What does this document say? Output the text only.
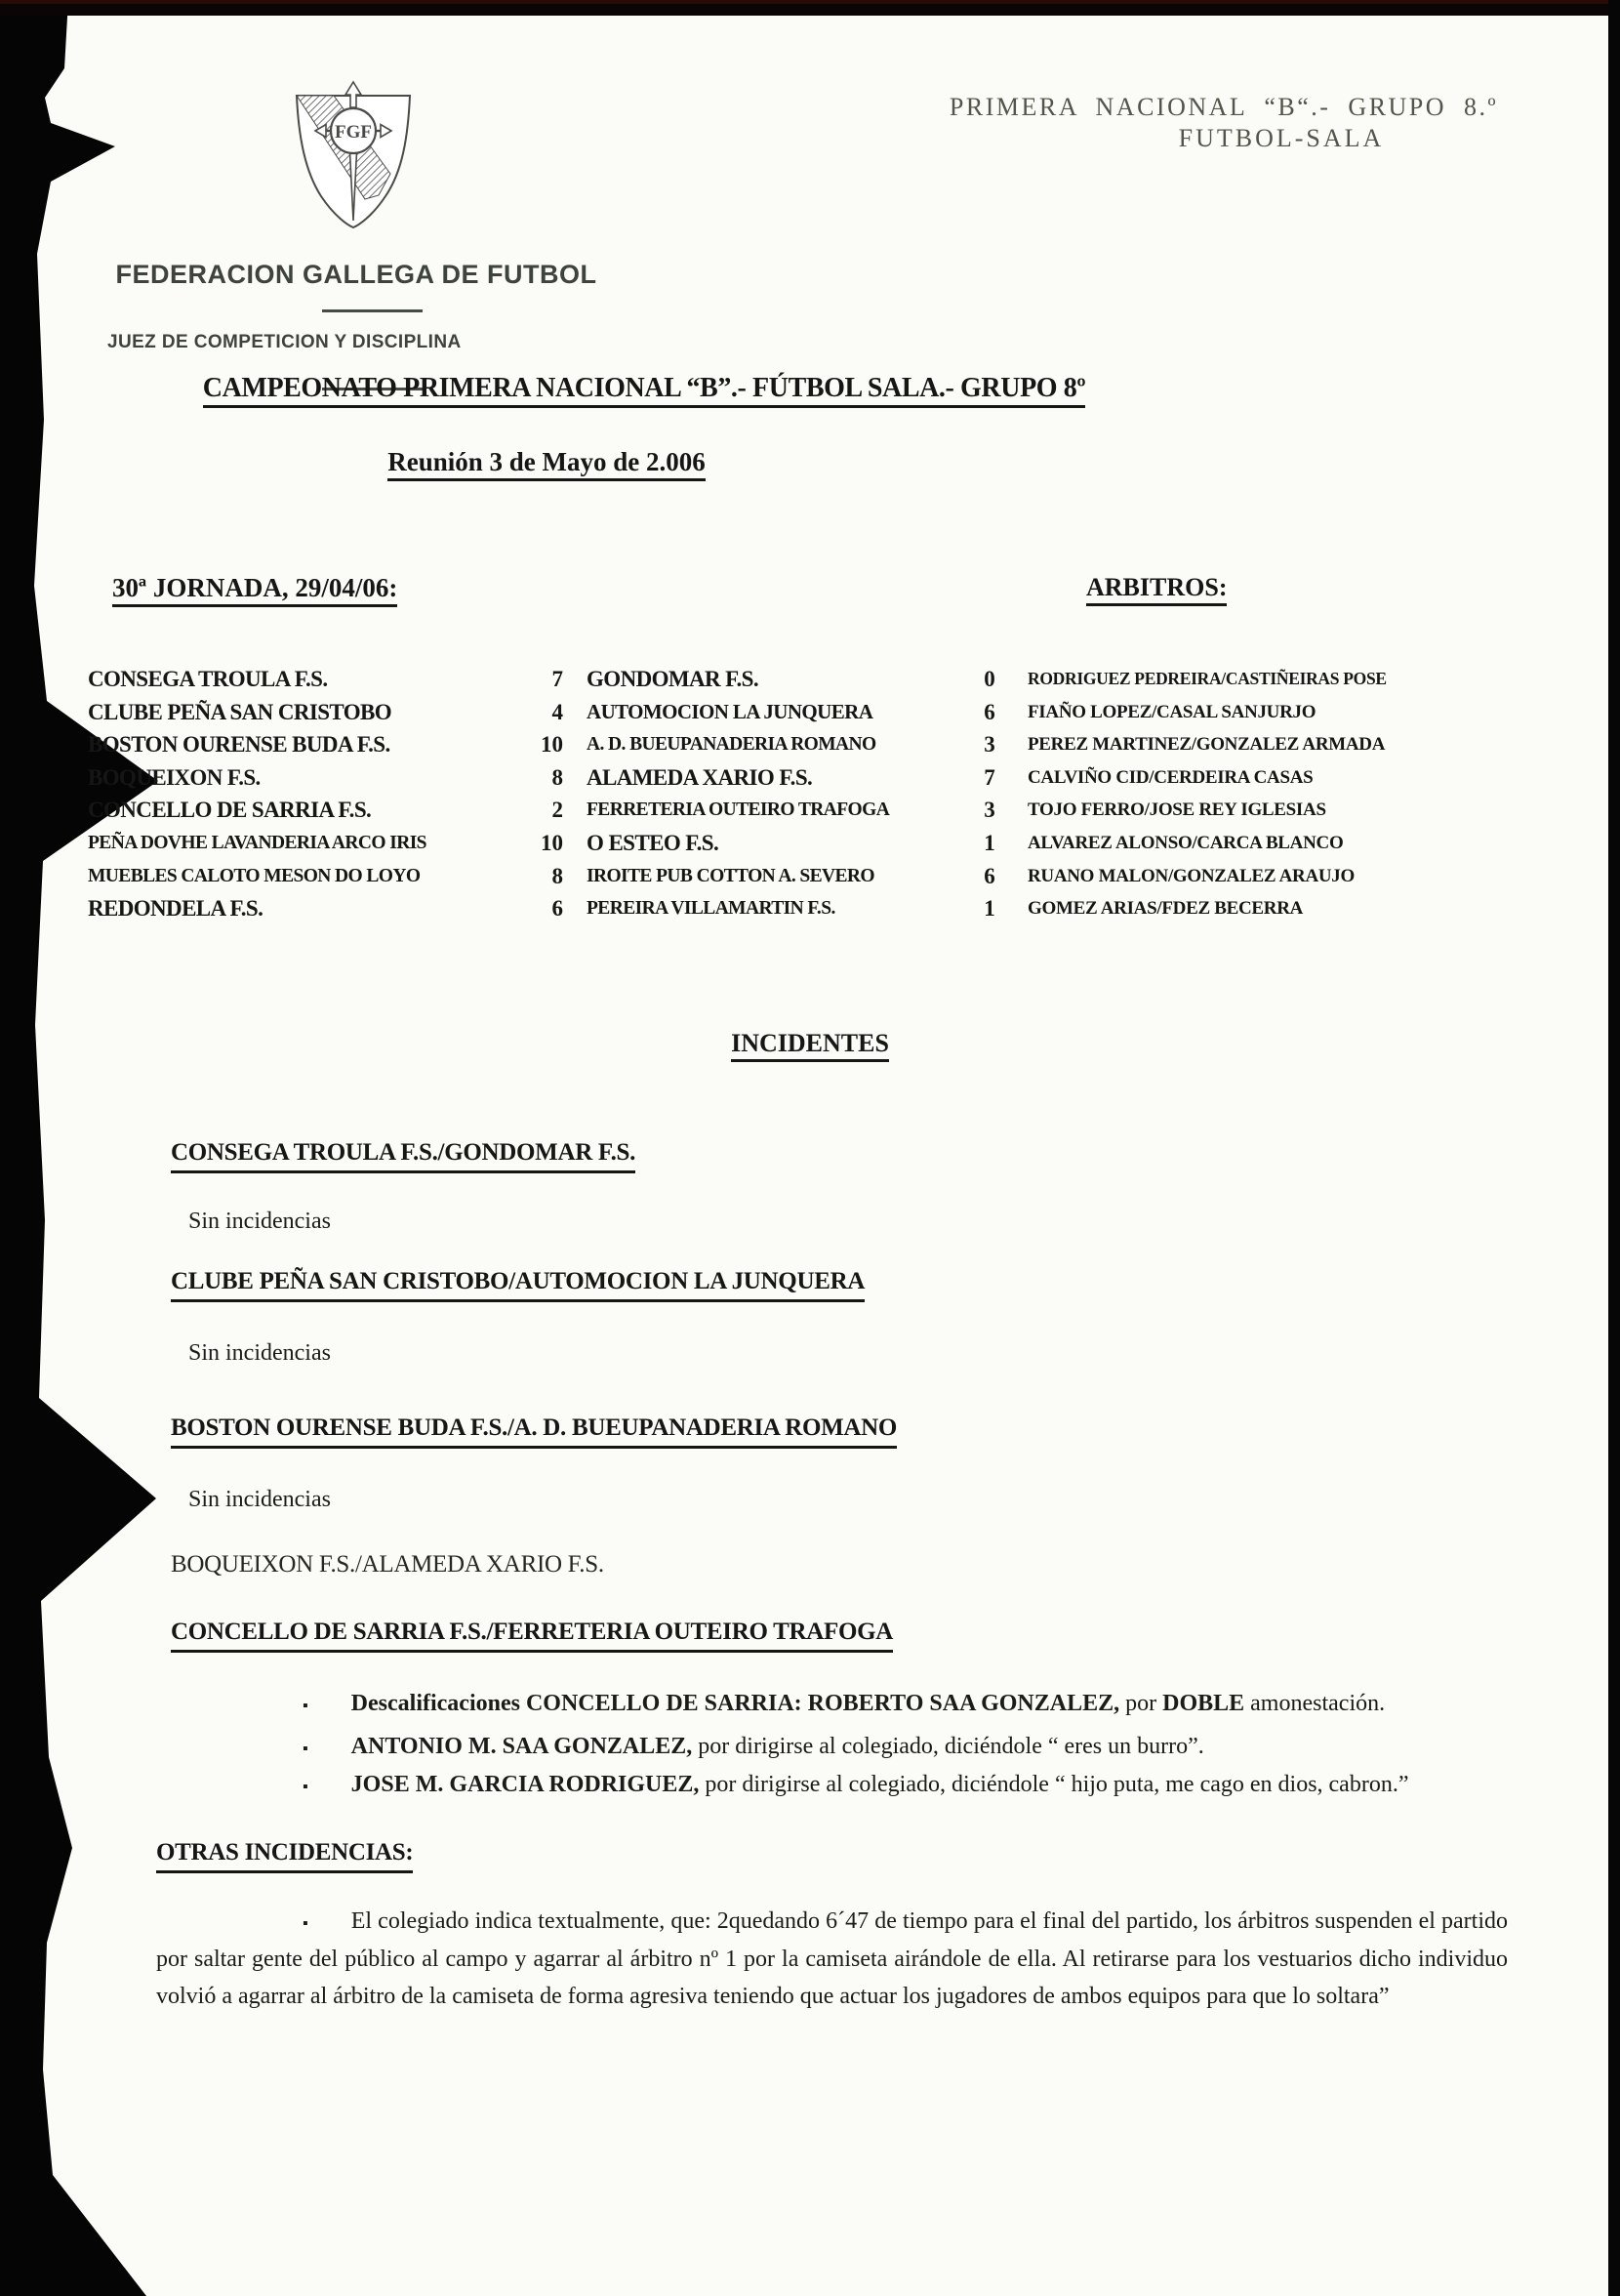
FGF
FEDERACION GALLEGA DE FUTBOL
JUEZ DE COMPETICION Y DISCIPLINA
PRIMERA NACIONAL “B“.- GRUPO 8.º
FUTBOL-SALA
CAMPEONATO PRIMERA NACIONAL “B”.- FÚTBOL SALA.- GRUPO 8º
Reunión 3 de Mayo de 2.006
30ª JORNADA, 29/04/06:	ARBITROS:
CONSEGA TROULA F.S.	7 GONDOMAR F.S.	0	RODRIGUEZ PEDREIRA/CASTIÑEIRAS POSE
CLUBE PEÑA SAN CRISTOBO	4 AUTOMOCION LA JUNQUERA	6	FIAÑO LOPEZ/CASAL SANJURJO
BOSTON OURENSE BUDA F.S.	10 A. D. BUEUPANADERIA ROMANO	3	PEREZ MARTINEZ/GONZALEZ ARMADA
BOQUEIXON F.S.	8 ALAMEDA XARIO F.S.	7	CALVIÑO CID/CERDEIRA CASAS
CONCELLO DE SARRIA F.S.	2 FERRETERIA OUTEIRO TRAFOGA	3	TOJO FERRO/JOSE REY IGLESIAS
PEÑA DOVHE LAVANDERIA ARCO IRIS	10 O ESTEO F.S.	1	ALVAREZ ALONSO/CARCA BLANCO
MUEBLES CALOTO MESON DO LOYO	8 IROITE PUB COTTON A. SEVERO	6	RUANO MALON/GONZALEZ ARAUJO
REDONDELA F.S.	6 PEREIRA VILLAMARTIN F.S.	1	GOMEZ ARIAS/FDEZ BECERRA
INCIDENTES
CONSEGA TROULA F.S./GONDOMAR F.S.

Sin incidencias

CLUBE PEÑA SAN CRISTOBO/AUTOMOCION LA JUNQUERA

Sin incidencias

BOSTON OURENSE BUDA F.S./A. D. BUEUPANADERIA ROMANO

Sin incidencias

BOQUEIXON F.S./ALAMEDA XARIO F.S.
CONCELLO DE SARRIA F.S./FERRETERIA OUTEIRO TRAFOGA

▪ Descalificaciones CONCELLO DE SARRIA: ROBERTO SAA GONZALEZ, por DOBLE amonestación.

▪ ANTONIO M. SAA GONZALEZ, por dirigirse al colegiado, diciéndole “ eres un burro”.

▪ JOSE M. GARCIA RODRIGUEZ, por dirigirse al colegiado, diciéndole “ hijo puta, me cago en dios, cabron.”

OTRAS INCIDENCIAS:

▪ El colegiado indica textualmente, que: 2quedando 6´47 de tiempo para el final del partido, los árbitros suspenden el partido por saltar gente del público al campo y agarrar al árbitro nº 1 por la camiseta airándole de ella. Al retirarse para los vestuarios dicho individuo volvió a agarrar al árbitro de la camiseta de forma agresiva teniendo que actuar los jugadores de ambos equipos para que lo soltara”
